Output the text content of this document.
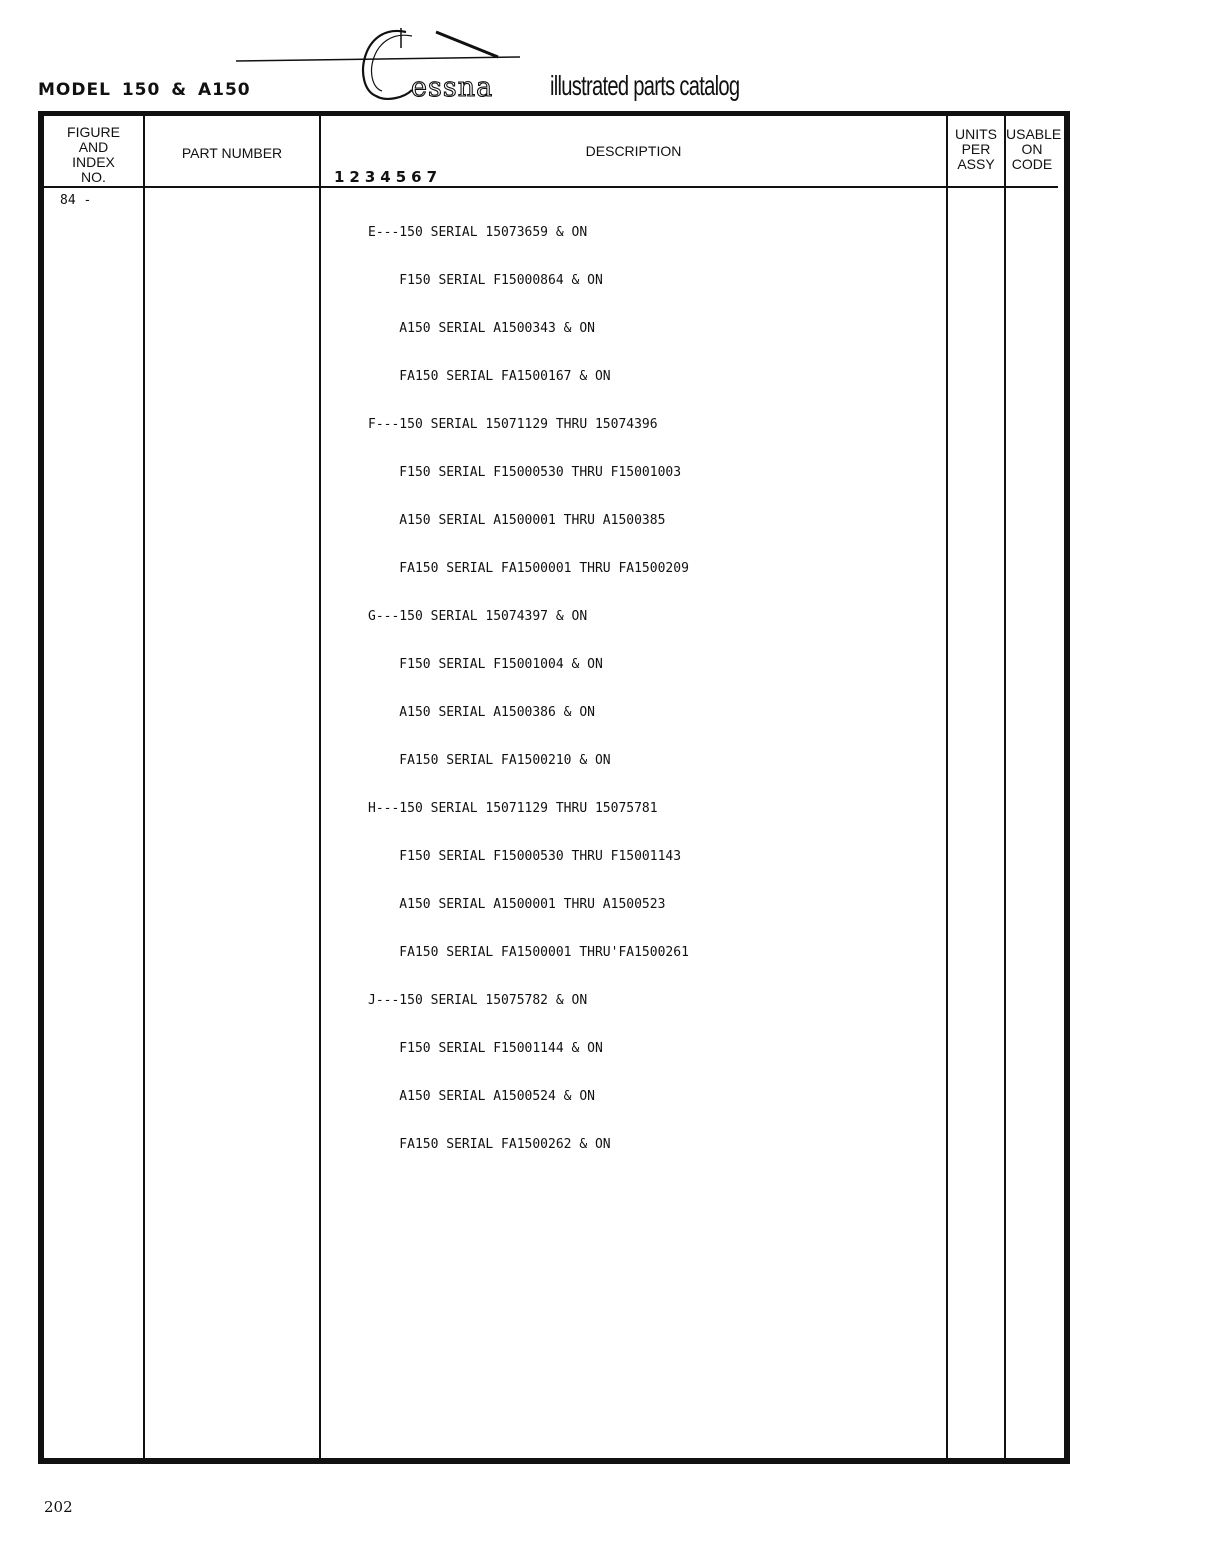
MODEL 150 & A150	essna illustrated parts catalog
FIGURE
AND
INDEX
NO.
PART NUMBER	DESCRIPTION
UNITS
PER
ASSY
USABLE
ON
CODE
1234567
84 -

E---150 SERIAL 15073659 & ON

F150 SERIAL F15000864 & ON

A150 SERIAL A1500343 & ON

FA150 SERIAL FA1500167 & ON

F---150 SERIAL 15071129 THRU 15074396

F150 SERIAL F15000530 THRU F15001003

A150 SERIAL A1500001 THRU A1500385

FA150 SERIAL FA1500001 THRU FA1500209

G---150 SERIAL 15074397 & ON

F150 SERIAL F15001004 & ON

A150 SERIAL A1500386 & ON

FA150 SERIAL FA1500210 & ON

H---150 SERIAL 15071129 THRU 15075781

F150 SERIAL F15000530 THRU F15001143

A150 SERIAL A1500001 THRU A1500523

FA150 SERIAL FA1500001 THRU'FA1500261

J---150 SERIAL 15075782 & ON

F150 SERIAL F15001144 & ON

A150 SERIAL A1500524 & ON

FA150 SERIAL FA1500262 & ON

202
